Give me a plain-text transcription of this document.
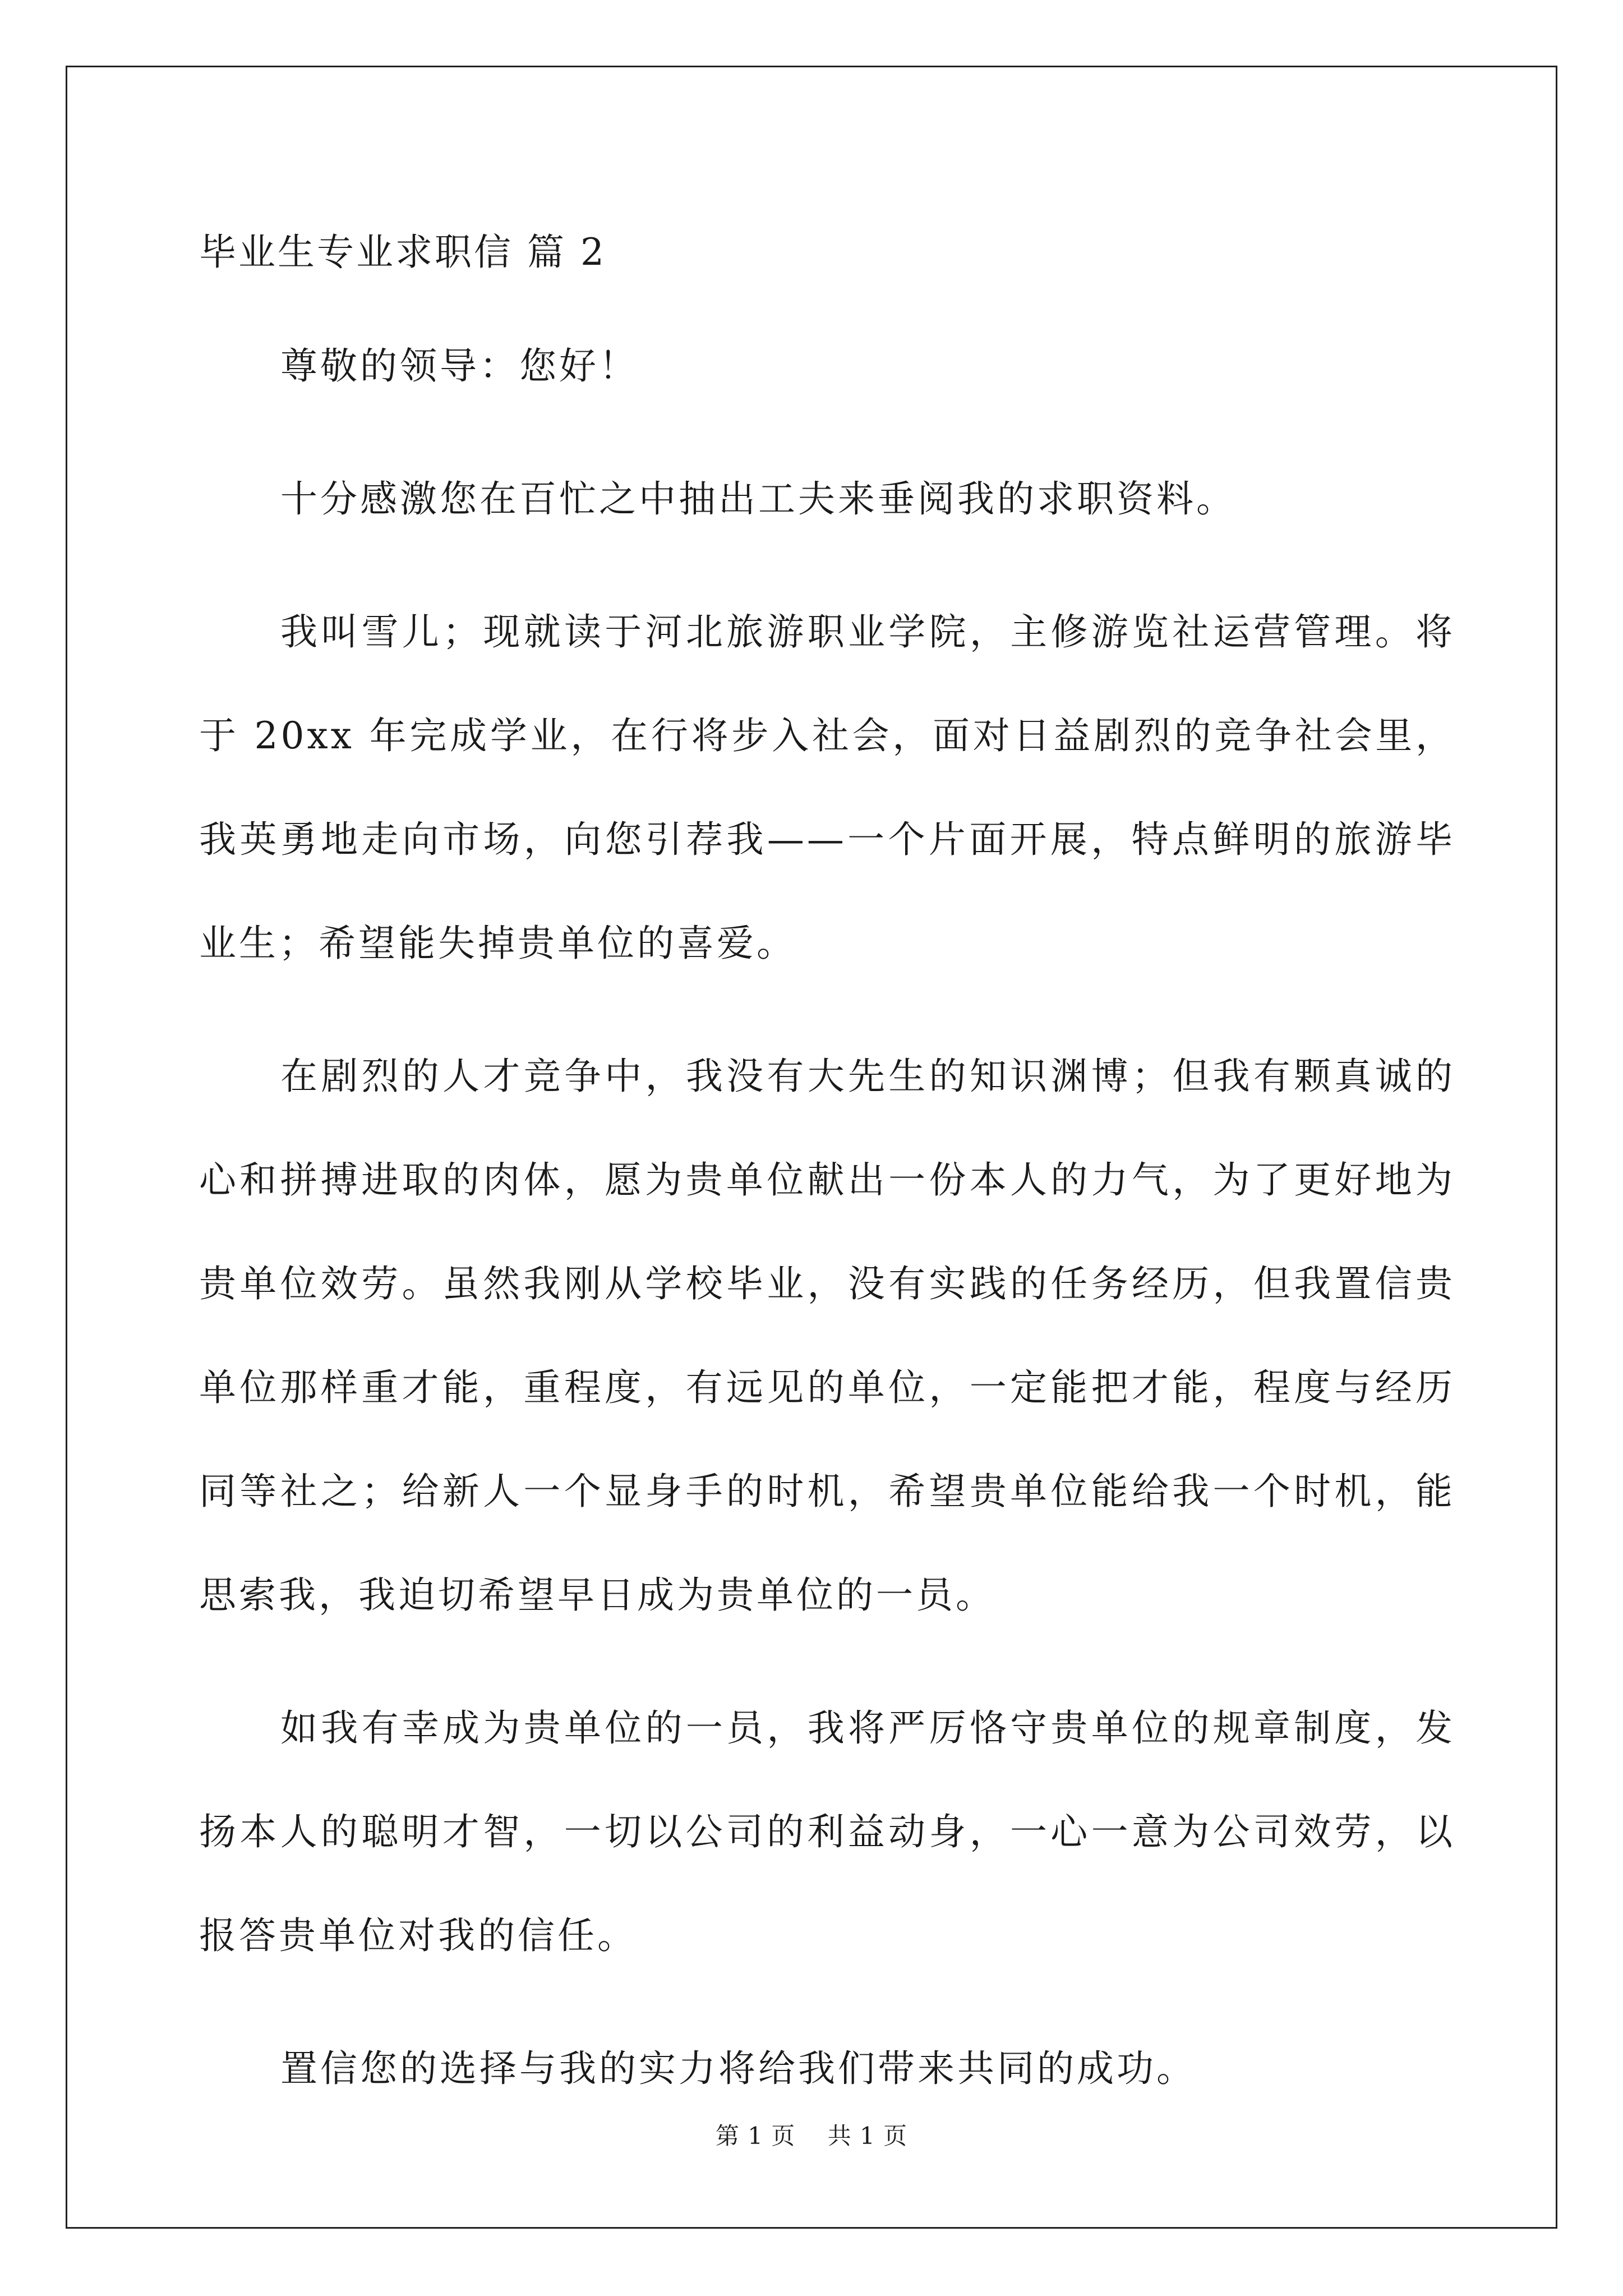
毕业生专业求职信 篇 2

尊敬的领导：您好！

十分感激您在百忙之中抽出工夫来垂阅我的求职资料。

我叫雪儿；现就读于河北旅游职业学院，主修游览社运营管理。将于 20xx 年完成学业，在行将步入社会，面对日益剧烈的竞争社会里，我英勇地走向市场，向您引荐我——一个片面开展，特点鲜明的旅游毕业生；希望能失掉贵单位的喜爱。

在剧烈的人才竞争中，我没有大先生的知识渊博；但我有颗真诚的心和拼搏进取的肉体，愿为贵单位献出一份本人的力气，为了更好地为贵单位效劳。虽然我刚从学校毕业，没有实践的任务经历，但我置信贵单位那样重才能，重程度，有远见的单位，一定能把才能，程度与经历同等社之；给新人一个显身手的时机，希望贵单位能给我一个时机，能思索我，我迫切希望早日成为贵单位的一员。

如我有幸成为贵单位的一员，我将严厉恪守贵单位的规章制度，发扬本人的聪明才智，一切以公司的利益动身，一心一意为公司效劳，以报答贵单位对我的信任。

置信您的选择与我的实力将给我们带来共同的成功。

第 1 页    共 1 页
